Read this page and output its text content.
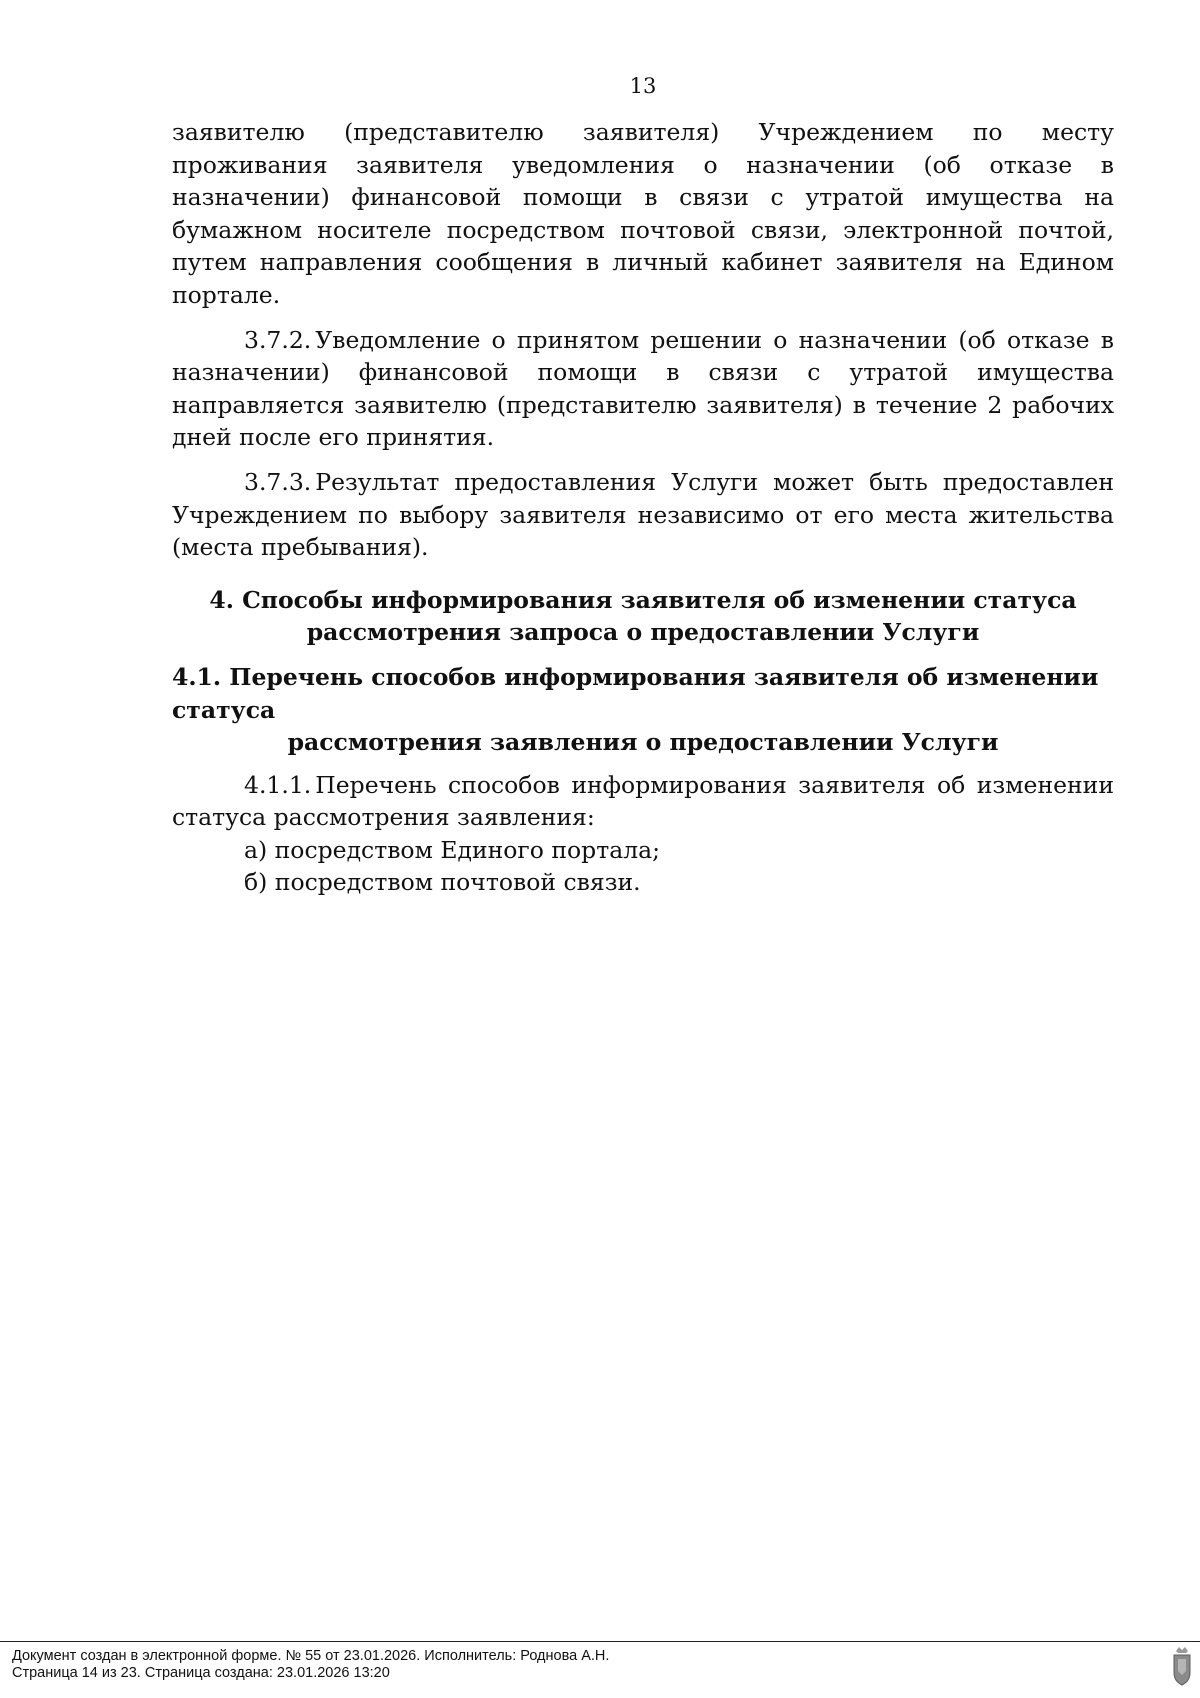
13

заявителю (представителю заявителя) Учреждением по месту проживания заявителя уведомления о назначении (об отказе в назначении) финансовой помощи в связи с утратой имущества на бумажном носителе посредством почтовой связи, электронной почтой, путем направления сообщения в личный кабинет заявителя на Едином портале.

3.7.2. Уведомление о принятом решении о назначении (об отказе в назначении) финансовой помощи в связи с утратой имущества направляется заявителю (представителю заявителя) в течение 2 рабочих дней после его принятия.

3.7.3. Результат предоставления Услуги может быть предоставлен Учреждением по выбору заявителя независимо от его места жительства (места пребывания).

4. Способы информирования заявителя об изменении статуса
рассмотрения запроса о предоставлении Услуги
4.1. Перечень способов информирования заявителя об изменении статуса
рассмотрения заявления о предоставлении Услуги

4.1.1. Перечень способов информирования заявителя об изменении статуса рассмотрения заявления:

а) посредством Единого портала;

б) посредством почтовой связи.

Документ создан в электронной форме. № 55 от 23.01.2026. Исполнитель: Роднова А.Н.
Страница 14 из 23. Страница создана: 23.01.2026 13:20
